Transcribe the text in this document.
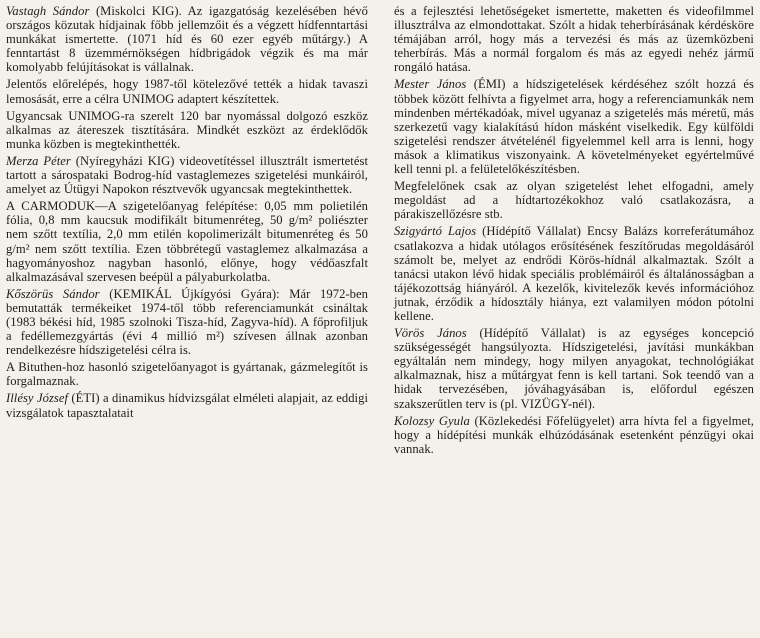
Vastagh Sándor (Miskolci KIG). Az igazgatóság kezelésében hévő országos közutak hídjainak főbb jellemzőit és a végzett hídfenntartási munkákat ismertette. (1071 híd és 60 ezer egyéb műtárgy.) A fenntartást 8 üzemmérnökségen hídbrigádok végzik és ma már komolyabb felújításokat is vállalnak.

Jelentős előrelépés, hogy 1987-től kötelezővé tették a hidak tavaszi lemosását, erre a célra UNIMOG adaptert készítettek.

Ugyancsak UNIMOG-ra szerelt 120 bar nyomással dolgozó eszköz alkalmas az átereszek tisztítására. Mindkét eszközt az érdeklődők munka közben is megtekinthették.

Merza Péter (Nyíregyházi KIG) videovetítéssel illusztrált ismertetést tartott a sárospataki Bodrog-híd vastaglemezes szigetelési munkáiról, amelyet az Útügyi Napokon résztvevők ugyancsak megtekinthettek.

A CARMODUK—A szigetelőanyag felépítése: 0,05 mm polietilén fólia, 0,8 mm kaucsuk modifikált bitumenréteg, 50 g/m² poliészter nem szőtt textília, 2,0 mm etilén kopolimerizált bitumenréteg és 50 g/m² nem szőtt textília. Ezen többrétegű vastaglemez alkalmazása a hagyományoshoz nagyban hasonló, előnye, hogy védőaszfalt alkalmazásával szervesen beépül a pályaburkolatba.

Kőszörüs Sándor (KEMIKÁL Újkígyósi Gyára): Már 1972-ben bemutatták termékeiket 1974-től több referenciamunkát csináltak (1983 békési híd, 1985 szolnoki Tisza-híd, Zagyva-híd). A főprofiljuk a fedéllemezgyártás (évi 4 millió m²) szívesen állnak azonban rendelkezésre hídszigetelési célra is.

A Bituthen-hoz hasonló szigetelőanyagot is gyártanak, gázmelegítőt is forgalmaznak.

Illésy József (ÉTI) a dinamikus hídvizsgálat elméleti alapjait, az eddigi vizsgálatok tapasztalatait

és a fejlesztési lehetőségeket ismertette, maketten és videofilmmel illusztrálva az elmondottakat. Szólt a hidak teherbírásának kérdésköre témájában arról, hogy más a tervezési és más az üzemközbeni teherbírás. Más a normál forgalom és más az egyedi nehéz jármű rongáló hatása.

Mester János (ÉMI) a hídszigetelések kérdéséhez szólt hozzá és többek között felhívta a figyelmet arra, hogy a referenciamunkák nem mindenben mértékadóak, mivel ugyanaz a szigetelés más méretű, más szerkezetű vagy kialakítású hídon másként viselkedik. Egy külföldi szigetelési rendszer átvételénél figyelemmel kell arra is lenni, hogy mások a klimatikus viszonyaink. A követelményeket egyértelművé kell tenni pl. a felületelőkészítésben.

Megfelelőnek csak az olyan szigetelést lehet elfogadni, amely megoldást ad a hídtartozékokhoz való csatlakozásra, a párakiszellőzésre stb.

Szigyártó Lajos (Hídépítő Vállalat) Encsy Balázs korreferátumához csatlakozva a hidak utólagos erősítésének feszítőrudas megoldásáról számolt be, melyet az endrődi Körös-hídnál alkalmaztak. Szólt a tanácsi utakon lévő hidak speciális problémáiról és általánosságban a tájékozottság hiányáról. A kezelők, kivitelezők kevés információhoz jutnak, érződik a hídosztály hiánya, ezt valamilyen módon pótolni kellene.

Vörös János (Hídépítő Vállalat) is az egységes koncepció szükségességét hangsúlyozta. Hídszigetelési, javítási munkákban egyáltalán nem mindegy, hogy milyen anyagokat, technológiákat alkalmaznak, hisz a műtárgyat fenn is kell tartani. Sok teendő van a hidak tervezésében, jóváhagyásában is, előfordul egészen szakszerűtlen terv is (pl. VIZÜGY-nél).

Kolozsy Gyula (Közlekedési Főfelügyelet) arra hívta fel a figyelmet, hogy a hídépítési munkák elhúzódásának esetenként pénzügyi okai vannak.
